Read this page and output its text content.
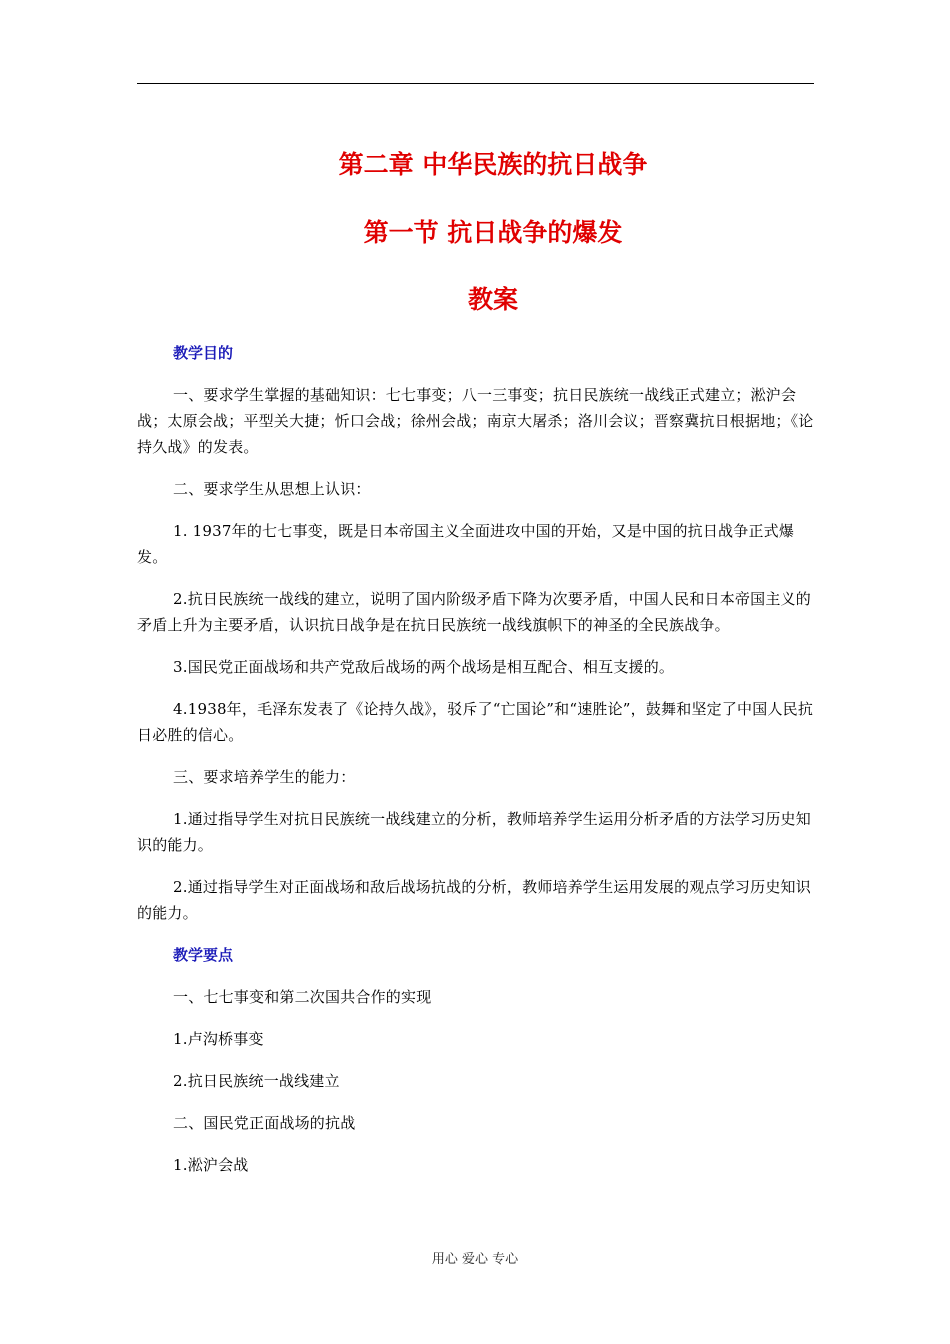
第二章 中华民族的抗日战争
第一节 抗日战争的爆发
教案
教学目的
一、要求学生掌握的基础知识：七七事变；八一三事变；抗日民族统一战线正式建立；淞沪会战；太原会战；平型关大捷；忻口会战；徐州会战；南京大屠杀；洛川会议；晋察冀抗日根据地；《论持久战》的发表。
二、要求学生从思想上认识：
1. 1937年的七七事变，既是日本帝国主义全面进攻中国的开始，又是中国的抗日战争正式爆发。
2.抗日民族统一战线的建立，说明了国内阶级矛盾下降为次要矛盾，中国人民和日本帝国主义的矛盾上升为主要矛盾，认识抗日战争是在抗日民族统一战线旗帜下的神圣的全民族战争。
3.国民党正面战场和共产党敌后战场的两个战场是相互配合、相互支援的。
4.1938年，毛泽东发表了《论持久战》，驳斥了“亡国论”和“速胜论”，鼓舞和坚定了中国人民抗日必胜的信心。
三、要求培养学生的能力：
1.通过指导学生对抗日民族统一战线建立的分析，教师培养学生运用分析矛盾的方法学习历史知识的能力。
2.通过指导学生对正面战场和敌后战场抗战的分析，教师培养学生运用发展的观点学习历史知识的能力。
教学要点
一、七七事变和第二次国共合作的实现
1.卢沟桥事变
2.抗日民族统一战线建立
二、国民党正面战场的抗战
1.淞沪会战
用心 爱心 专心
